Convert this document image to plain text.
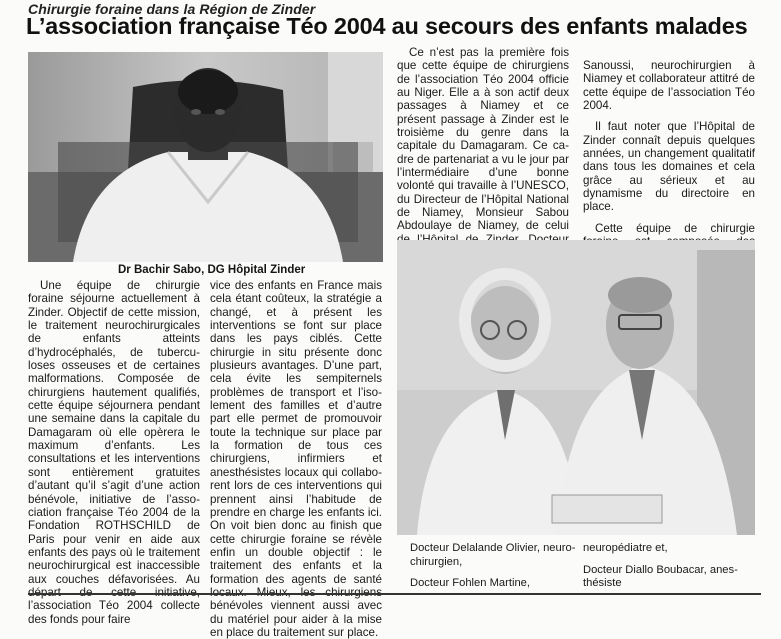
Chirurgie foraine dans la Région de Zinder
L’association française Téo 2004 au secours des enfants malades
Dr Bachir Sabo, DG Hôpital Zinder

Une équipe de chirurgie foraine séjourne actuellement à Zinder. Objectif de cette mission, le traitement neurochirurgicales de enfants atteints d’hydrocéphalés, de tuberculoses osseuses et de certaines malformations. Composée de chirurgiens hautement qualifiés, cette équipe séjournera pendant une semaine dans la capitale du Damagaram où elle opèrera le maximum d’enfants. Les consultations et les interventions sont entièrement gratuites d’autant qu’il s’agit d’une action bénévole, initiative de l’association française Téo 2004 de la Fondation ROTHSCHILD de Paris pour venir en aide aux enfants des pays où le traitement neurochirurgical est inaccessible aux couches défavorisées. Au l’association Téo 2004 collecte des fonds pour faire

vice des enfants en France mais cela étant coûteux, la stratégie a changé, et à présent les interventions se font sur place dans les pays ciblés. Cette chirurgie in situ présente donc plusieurs avantages. D’une part, cela évite les sempiternels problèmes de transport et l’isolement des familles et d’autre part elle permet de promouvoir toute la technique sur place par la formation de tous ces chirurgiens, infirmiers et anesthésistes locaux qui collaborent lors de ces interventions qui prennent ainsi l’habitude de prendre en charge les enfants ici. On voit bien donc au finish que cette chirurgie foraine se révèle enfin un double objectif : le traitement des enfants et la formation des agents de santé bénévoles viennent aussi avec du matériel pour aider à la mise en place du traitement sur place.

Ce n’est pas la première fois que cette équipe de chirurgiens de l’association Téo 2004 officie au Niger. Elle a à son actif deux passages à Niamey et ce présent passage à Zinder est le troisième du genre dans la capitale du Damagaram. Ce cadre de partenariat a vu le jour par l’intermédiaire d’une bonne volonté qui travaille à l’UNESCO, du Directeur de l’Hôpital National de Niamey, Monsieur Sabou Abdoulaye de Niamey, de celui

Sanoussi, neurochirurgien à Niamey et collaborateur attitré de cette équipe de l’association Téo 2004.

Il faut noter que l’Hôpital de Zinder connaît depuis quelques années, un changement qualitatif dans tous les domaines et cela grâce au sérieux et au dynamisme du directoire en place.

Cette équipe de chirurgie

Docteur Delalande Olivier, neurochirurgien,
Docteur Fohlen Martine,
neuropédiatre et,
Docteur Diallo Boubacar, anesthésiste
